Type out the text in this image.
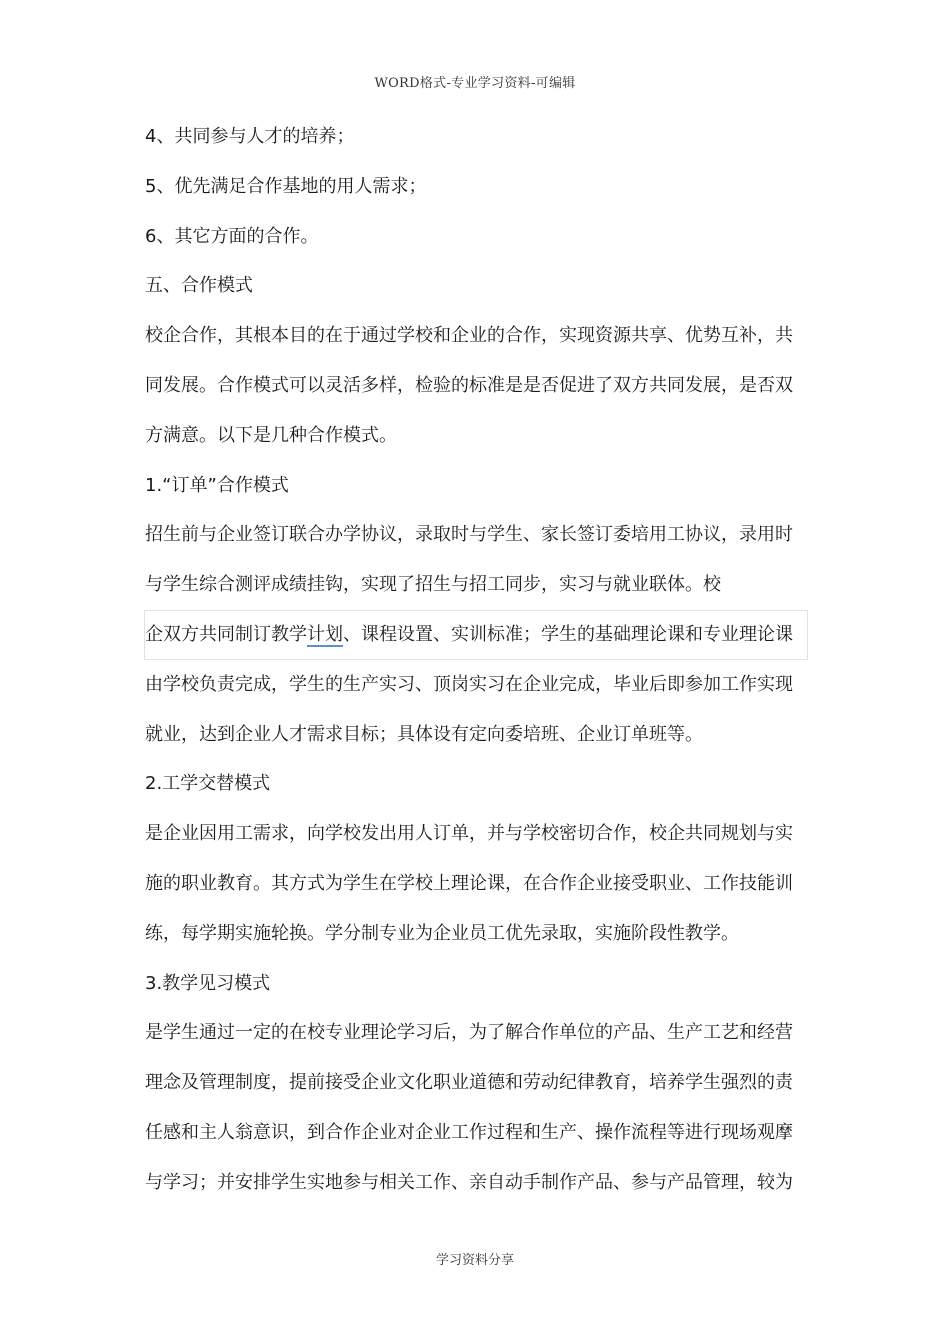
WORD格式-专业学习资料-可编辑
4、共同参与人才的培养；
5、优先满足合作基地的用人需求；
6、其它方面的合作。
五、合作模式
校企合作，其根本目的在于通过学校和企业的合作，实现资源共享、优势互补，共
同发展。合作模式可以灵活多样，检验的标准是是否促进了双方共同发展，是否双
方满意。以下是几种合作模式。
1.“订单”合作模式
招生前与企业签订联合办学协议，录取时与学生、家长签订委培用工协议，录用时
与学生综合测评成绩挂钩，实现了招生与招工同步，实习与就业联体。校
企双方共同制订教学计划、课程设置、实训标准；学生的基础理论课和专业理论课
由学校负责完成，学生的生产实习、顶岗实习在企业完成，毕业后即参加工作实现
就业，达到企业人才需求目标；具体设有定向委培班、企业订单班等。
2.工学交替模式
是企业因用工需求，向学校发出用人订单，并与学校密切合作，校企共同规划与实
施的职业教育。其方式为学生在学校上理论课，在合作企业接受职业、工作技能训
练，每学期实施轮换。学分制专业为企业员工优先录取，实施阶段性教学。
3.教学见习模式
是学生通过一定的在校专业理论学习后，为了解合作单位的产品、生产工艺和经营
理念及管理制度，提前接受企业文化职业道德和劳动纪律教育，培养学生强烈的责
任感和主人翁意识，到合作企业对企业工作过程和生产、操作流程等进行现场观摩
与学习；并安排学生实地参与相关工作、亲自动手制作产品、参与产品管理，较为
学习资料分享
